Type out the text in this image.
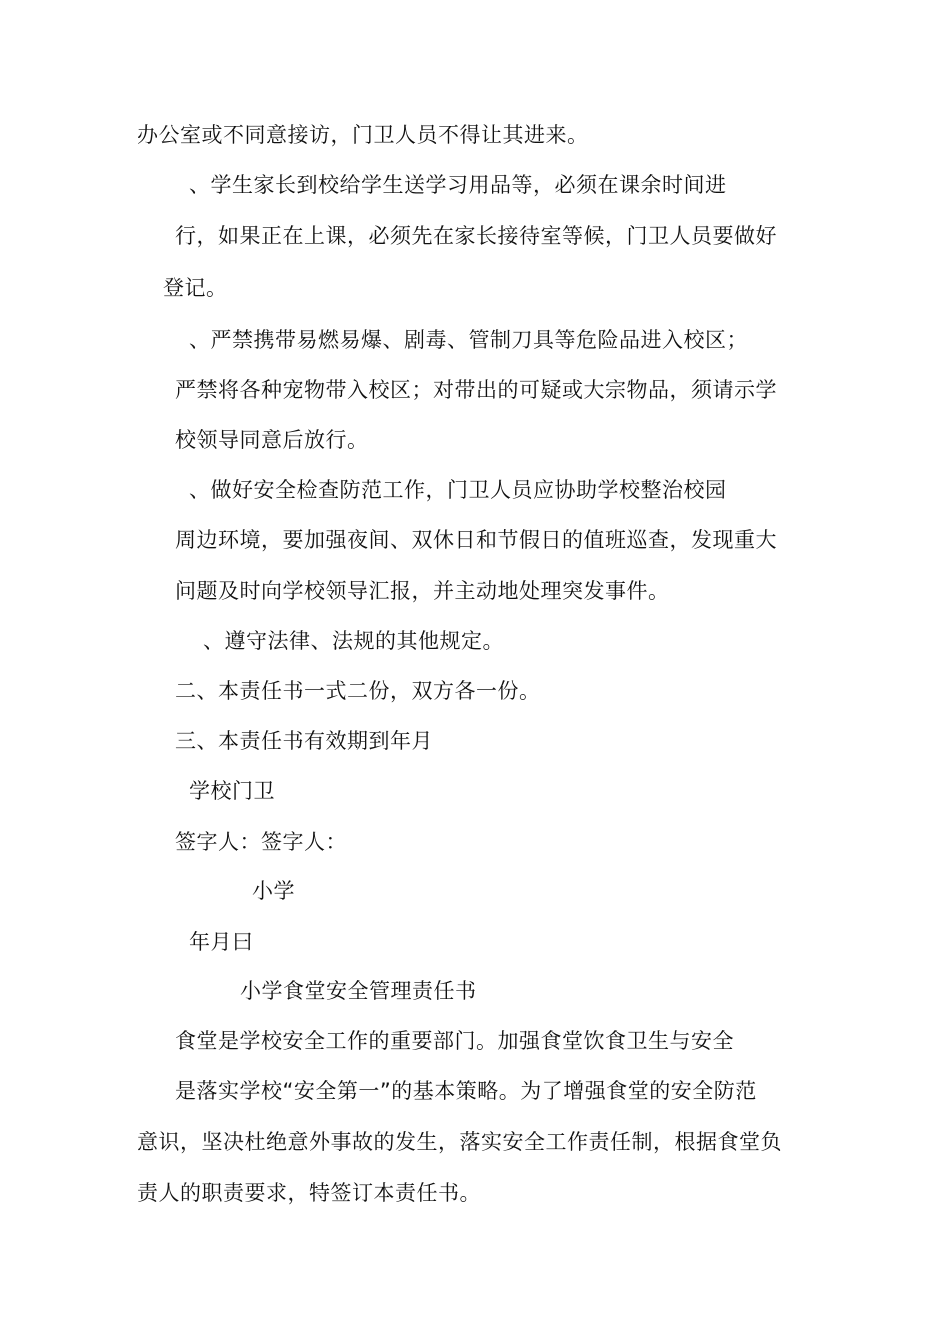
办公室或不同意接访，门卫人员不得让其进来。
、学生家长到校给学生送学习用品等，必须在课余时间进
行，如果正在上课，必须先在家长接待室等候，门卫人员要做好
登记。
、严禁携带易燃易爆、剧毒、管制刀具等危险品进入校区；
严禁将各种宠物带入校区；对带出的可疑或大宗物品，须请示学
校领导同意后放行。
、做好安全检查防范工作，门卫人员应协助学校整治校园
周边环境，要加强夜间、双休日和节假日的值班巡查，发现重大
问题及时向学校领导汇报，并主动地处理突发事件。
、遵守法律、法规的其他规定。
二、本责任书一式二份，双方各一份。
三、本责任书有效期到年月
学校门卫
签字人：签字人：
小学
年月曰
小学食堂安全管理责任书
食堂是学校安全工作的重要部门。加强食堂饮食卫生与安全
是落实学校“安全第一”的基本策略。为了增强食堂的安全防范
意识，坚决杜绝意外事故的发生，落实安全工作责任制，根据食堂负
责人的职责要求，特签订本责任书。
